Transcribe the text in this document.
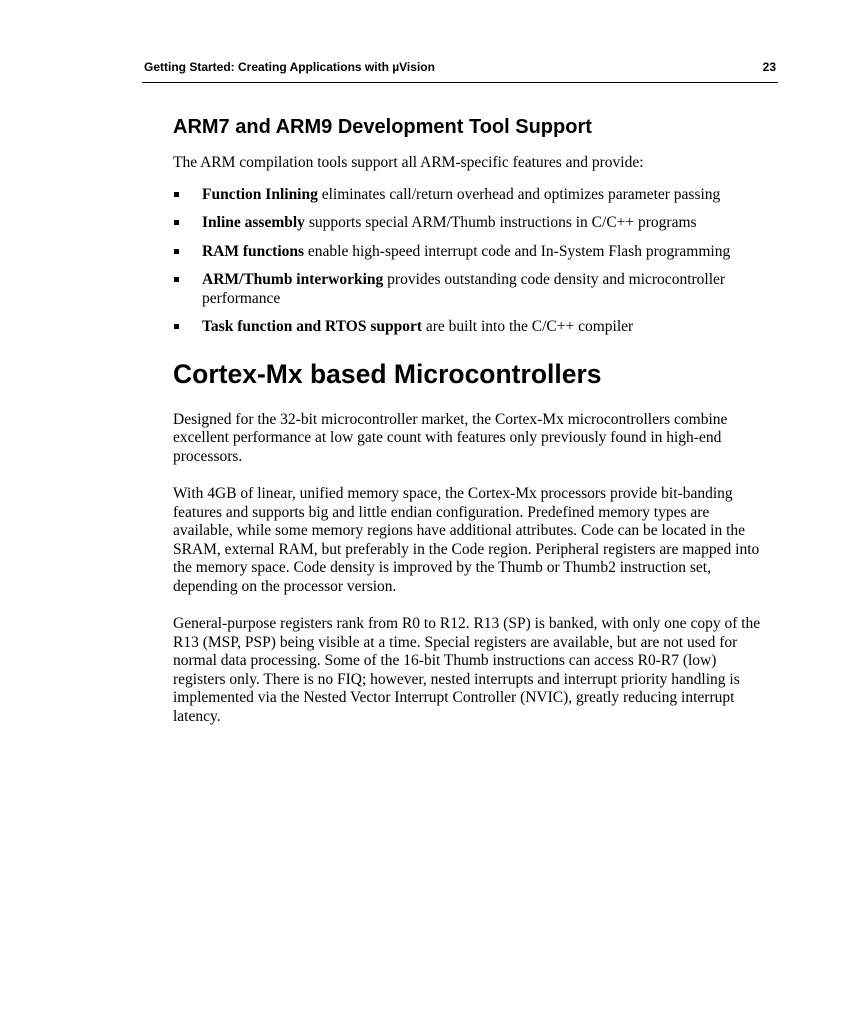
Getting Started: Creating Applications with µVision	23
ARM7 and ARM9 Development Tool Support

The ARM compilation tools support all ARM-specific features and provide:

Function Inlining eliminates call/return overhead and optimizes parameter passing
Inline assembly supports special ARM/Thumb instructions in C/C++ programs
RAM functions enable high-speed interrupt code and In-System Flash programming
ARM/Thumb interworking provides outstanding code density and microcontroller performance
Task function and RTOS support are built into the C/C++ compiler
Cortex-Mx based Microcontrollers

Designed for the 32-bit microcontroller market, the Cortex-Mx microcontrollers combine excellent performance at low gate count with features only previously found in high-end processors.

With 4GB of linear, unified memory space, the Cortex-Mx processors provide bit-banding features and supports big and little endian configuration. Predefined memory types are available, while some memory regions have additional attributes. Code can be located in the SRAM, external RAM, but preferably in the Code region. Peripheral registers are mapped into the memory space. Code density is improved by the Thumb or Thumb2 instruction set, depending on the processor version.

General-purpose registers rank from R0 to R12. R13 (SP) is banked, with only one copy of the R13 (MSP, PSP) being visible at a time. Special registers are available, but are not used for normal data processing. Some of the 16-bit Thumb instructions can access R0-R7 (low) registers only. There is no FIQ; however, nested interrupts and interrupt priority handling is implemented via the Nested Vector Interrupt Controller (NVIC), greatly reducing interrupt latency.
